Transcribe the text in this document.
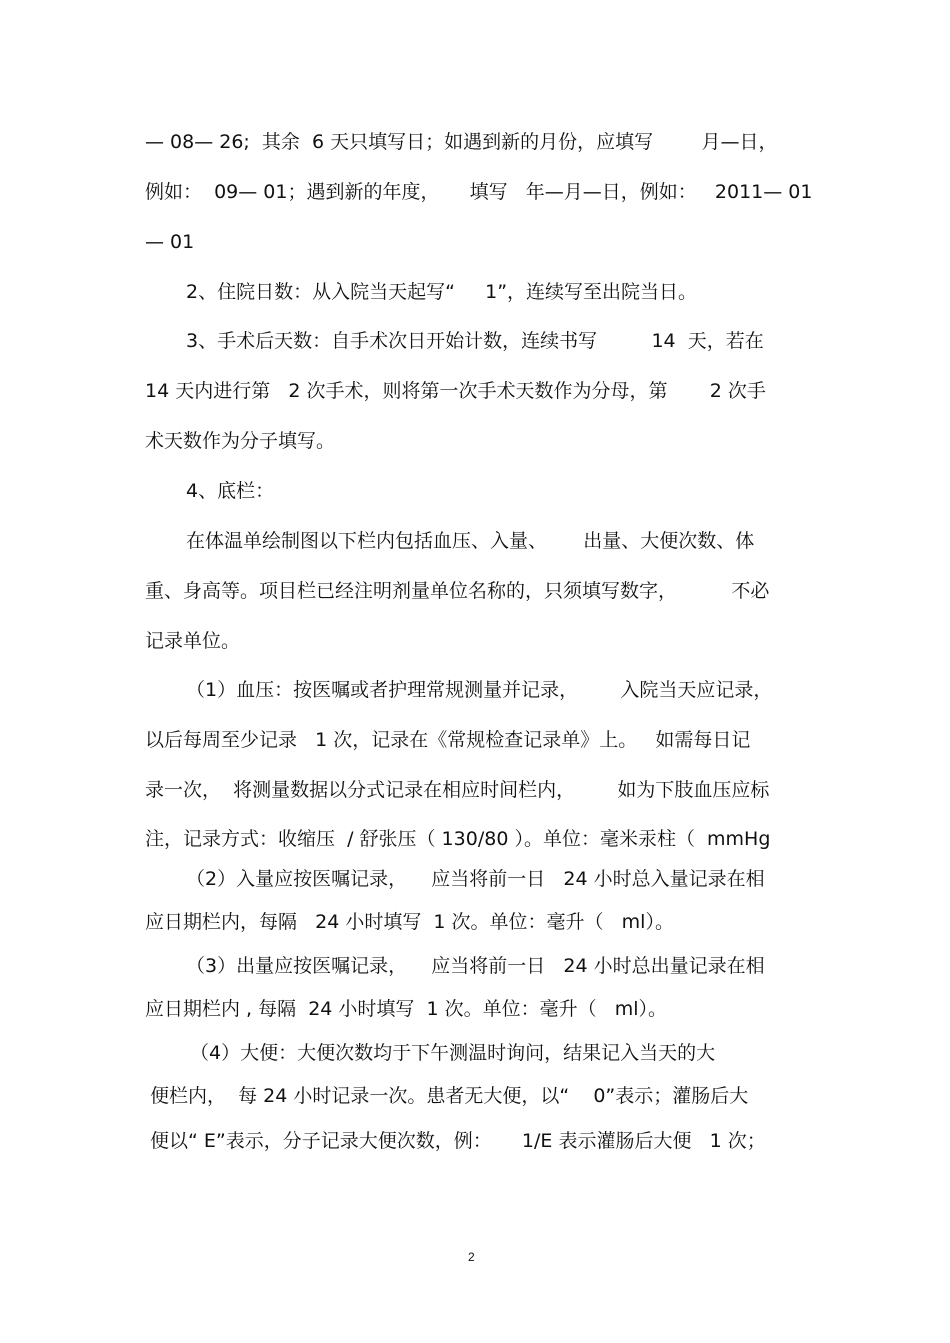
— 08— 26;  其余  6 天只填写日；如遇到新的月份，应填写        月—日，
例如：  09— 01；遇到新的年度，     填写   年—月—日，例如：   2011— 01
— 01
2、住院日数：从入院当天起写“     1”，连续写至出院当日。
3、手术后天数：自手术次日开始计数，连续书写         14  天，若在
14 天内进行第   2 次手术，则将第一次手术天数作为分母，第       2 次手
术天数作为分子填写。
4、底栏：
在体温单绘制图以下栏内包括血压、入量、      出量、大便次数、体
重、身高等。项目栏已经注明剂量单位名称的，只须填写数字，         不必
记录单位。
（1）血压：按医嘱或者护理常规测量并记录，       入院当天应记录，
以后每周至少记录   1 次，记录在《常规检查记录单》上。   如需每日记
录一次，  将测量数据以分式记录在相应时间栏内，       如为下肢血压应标
注，记录方式：收缩压  / 舒张压（ 130/80 ）。单位：毫米汞柱（  mmHg
（2）入量应按医嘱记录，    应当将前一日   24 小时总入量记录在相
应日期栏内，每隔   24 小时填写  1 次。单位：毫升（   ml）。
（3）出量应按医嘱记录，    应当将前一日   24 小时总出量记录在相
应日期栏内 , 每隔  24 小时填写  1 次。单位：毫升（   ml）。
（4）大便：大便次数均于下午测温时询问，结果记入当天的大
便栏内，  每 24 小时记录一次。患者无大便，以“    0”表示；灌肠后大
便以“ E”表示，分子记录大便次数，例：     1/E 表示灌肠后大便   1 次；
2
